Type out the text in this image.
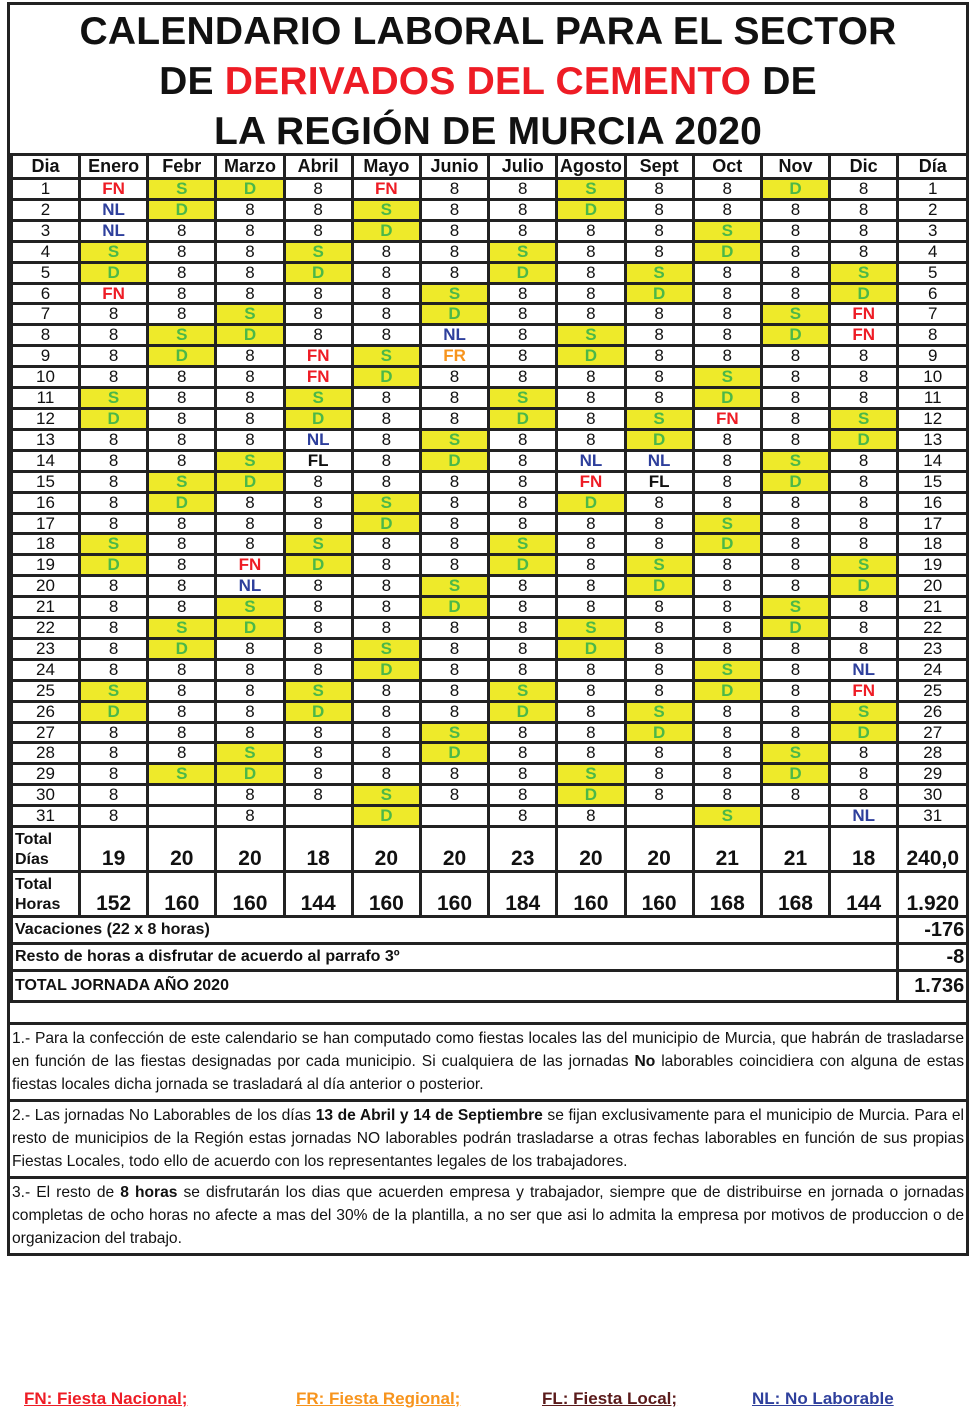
CALENDARIO LABORAL PARA EL SECTOR
DE DERIVADOS DEL CEMENTO DE
LA REGIÓN DE MURCIA 2020
Dia	Enero	Febr	Marzo	Abril	Mayo	Junio	Julio	Agosto	Sept	Oct	Nov	Dic	Día
1	FN	S	D	8	FN	8	8	S	8	8	D	8	1
2	NL	D	8	8	S	8	8	D	8	8	8	8	2
3	NL	8	8	8	D	8	8	8	8	S	8	8	3
4	S	8	8	S	8	8	S	8	8	D	8	8	4
5	D	8	8	D	8	8	D	8	S	8	8	S	5
6	FN	8	8	8	8	S	8	8	D	8	8	D	6
7	8	8	S	8	8	D	8	8	8	8	S	FN	7
8	8	S	D	8	8	NL	8	S	8	8	D	FN	8
9	8	D	8	FN	S	FR	8	D	8	8	8	8	9
10	8	8	8	FN	D	8	8	8	8	S	8	8	10
11	S	8	8	S	8	8	S	8	8	D	8	8	11
12	D	8	8	D	8	8	D	8	S	FN	8	S	12
13	8	8	8	NL	8	S	8	8	D	8	8	D	13
14	8	8	S	FL	8	D	8	NL	NL	8	S	8	14
15	8	S	D	8	8	8	8	FN	FL	8	D	8	15
16	8	D	8	8	S	8	8	D	8	8	8	8	16
17	8	8	8	8	D	8	8	8	8	S	8	8	17
18	S	8	8	S	8	8	S	8	8	D	8	8	18
19	D	8	FN	D	8	8	D	8	S	8	8	S	19
20	8	8	NL	8	8	S	8	8	D	8	8	D	20
21	8	8	S	8	8	D	8	8	8	8	S	8	21
22	8	S	D	8	8	8	8	S	8	8	D	8	22
23	8	D	8	8	S	8	8	D	8	8	8	8	23
24	8	8	8	8	D	8	8	8	8	S	8	NL	24
25	S	8	8	S	8	8	S	8	8	D	8	FN	25
26	D	8	8	D	8	8	D	8	S	8	8	S	26
27	8	8	8	8	8	S	8	8	D	8	8	D	27
28	8	8	S	8	8	D	8	8	8	8	S	8	28
29	8	S	D	8	8	8	8	S	8	8	D	8	29
30	8		8	8	S	8	8	D	8	8	8	8	30
31	8		8		D		8	8		S		NL	31
Total Días	19	20	20	18	20	20	23	20	20	21	21	18	240,0
Total Horas	152	160	160	144	160	160	184	160	160	168	168	144	1.920
Vacaciones (22 x 8 horas)													-176
Resto de horas a disfrutar de acuerdo al parrafo 3º													-8
TOTAL JORNADA AÑO 2020													1.736
1.- Para la confección de este calendario se han computado como fiestas locales las del municipio de Murcia, que habrán de trasladarse en función de las fiestas designadas por cada municipio. Si cualquiera de las jornadas No laborables coincidiera con alguna de estas fiestas locales dicha jornada se trasladará al día anterior o posterior.
2.- Las jornadas No Laborables de los días 13 de Abril y 14 de Septiembre se fijan exclusivamente para el municipio de Murcia. Para el resto de municipios de la Región estas jornadas NO laborables podrán trasladarse a otras fechas laborables en función de sus propias Fiestas Locales, todo ello de acuerdo con los representantes legales de los trabajadores.
3.- El resto de 8 horas se disfrutarán los dias que acuerden empresa y trabajador, siempre que de distribuirse en jornada o jornadas completas de ocho horas no afecte a mas del 30% de la plantilla, a no ser que asi lo admita la empresa por motivos de produccion o de organizacion del trabajo.
FN: Fiesta Nacional;	FR: Fiesta Regional;	FL: Fiesta Local;	NL: No Laborable
